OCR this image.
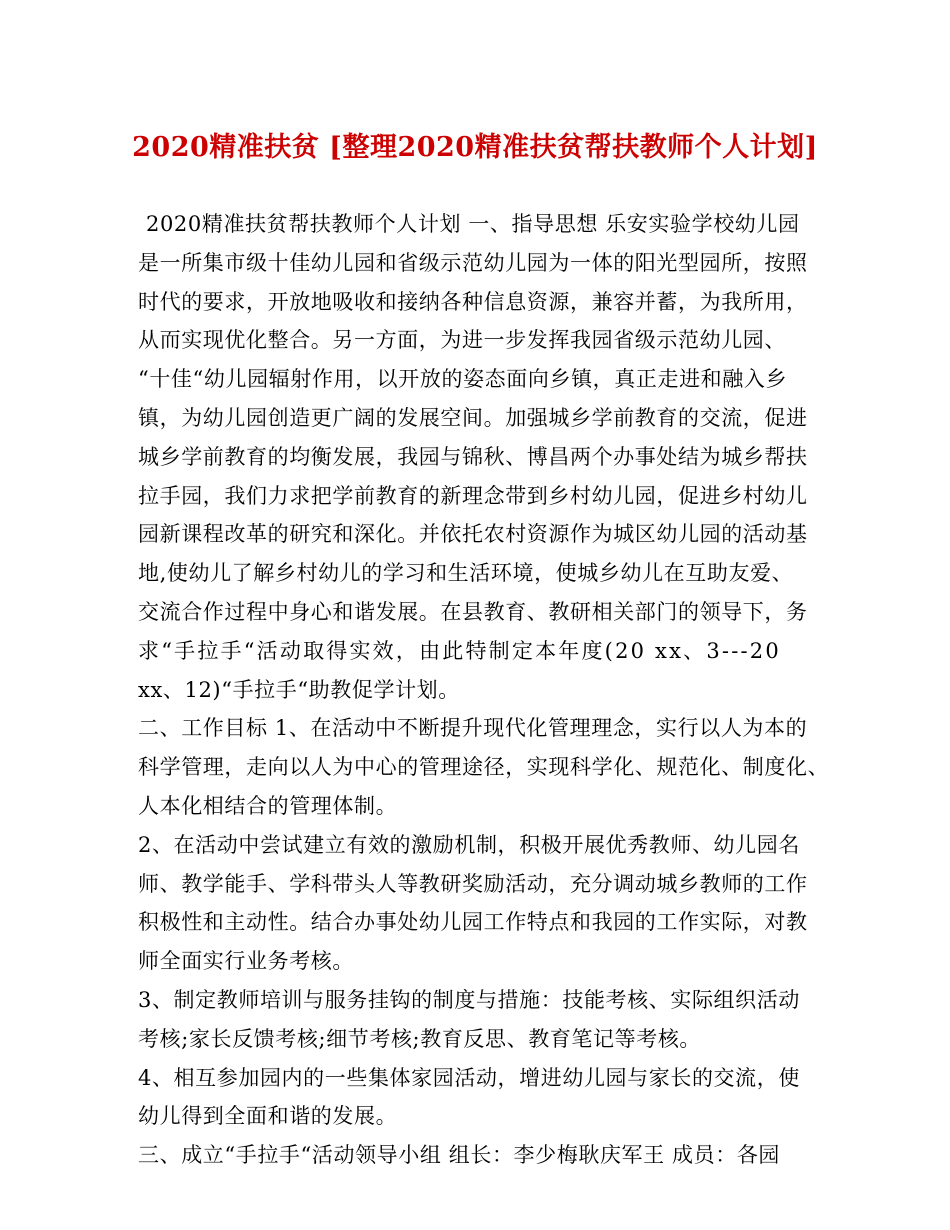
2020精准扶贫 [整理2020精准扶贫帮扶教师个人计划]
2020精准扶贫帮扶教师个人计划 一、指导思想 乐安实验学校幼儿园
是一所集市级十佳幼儿园和省级示范幼儿园为一体的阳光型园所，按照
时代的要求，开放地吸收和接纳各种信息资源，兼容并蓄，为我所用，
从而实现优化整合。另一方面，为进一步发挥我园省级示范幼儿园、
“十佳“幼儿园辐射作用，以开放的姿态面向乡镇，真正走进和融入乡
镇，为幼儿园创造更广阔的发展空间。加强城乡学前教育的交流，促进
城乡学前教育的均衡发展，我园与锦秋、博昌两个办事处结为城乡帮扶
拉手园，我们力求把学前教育的新理念带到乡村幼儿园，促进乡村幼儿
园新课程改革的研究和深化。并依托农村资源作为城区幼儿园的活动基
地,使幼儿了解乡村幼儿的学习和生活环境，使城乡幼儿在互助友爱、
交流合作过程中身心和谐发展。在县教育、教研相关部门的领导下，务
求“手拉手“活动取得实效，由此特制定本年度(20 xx、3---20
xx、12)“手拉手“助教促学计划。
二、工作目标 1、在活动中不断提升现代化管理理念，实行以人为本的
科学管理，走向以人为中心的管理途径，实现科学化、规范化、制度化、
人本化相结合的管理体制。
2、在活动中尝试建立有效的激励机制，积极开展优秀教师、幼儿园名
师、教学能手、学科带头人等教研奖励活动，充分调动城乡教师的工作
积极性和主动性。结合办事处幼儿园工作特点和我园的工作实际，对教
师全面实行业务考核。
3、制定教师培训与服务挂钩的制度与措施：技能考核、实际组织活动
考核;家长反馈考核;细节考核;教育反思、教育笔记等考核。
4、相互参加园内的一些集体家园活动，增进幼儿园与家长的交流，使
幼儿得到全面和谐的发展。
三、成立“手拉手“活动领导小组 组长：李少梅耿庆军王 成员：各园
